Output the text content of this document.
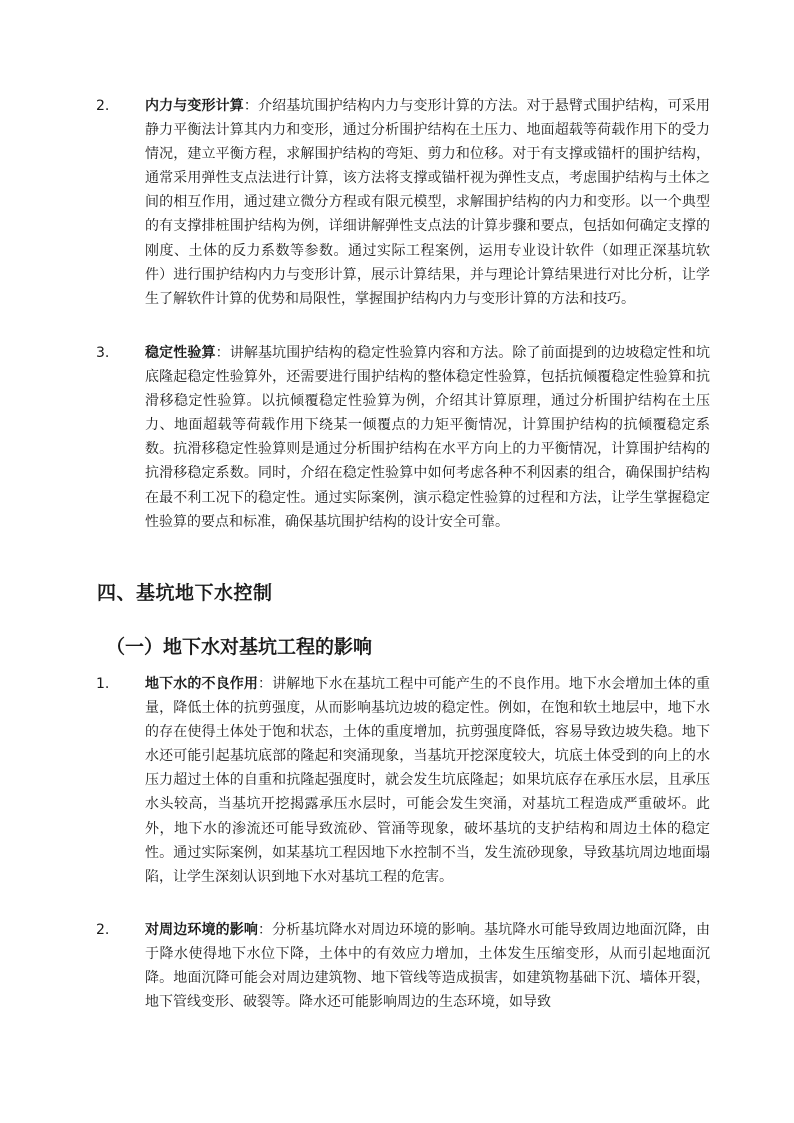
2.	内力与变形计算：介绍基坑围护结构内力与变形计算的方法。对于悬臂式围护结构，可采用静力平衡法计算其内力和变形，通过分析围护结构在土压力、地面超载等荷载作用下的受力情况，建立平衡方程，求解围护结构的弯矩、剪力和位移。对于有支撑或锚杆的围护结构，通常采用弹性支点法进行计算，该方法将支撑或锚杆视为弹性支点，考虑围护结构与土体之间的相互作用，通过建立微分方程或有限元模型，求解围护结构的内力和变形。以一个典型的有支撑排桩围护结构为例，详细讲解弹性支点法的计算步骤和要点，包括如何确定支撑的刚度、土体的反力系数等参数。通过实际工程案例，运用专业设计软件（如理正深基坑软件）进行围护结构内力与变形计算，展示计算结果，并与理论计算结果进行对比分析，让学生了解软件计算的优势和局限性，掌握围护结构内力与变形计算的方法和技巧。
3.	稳定性验算：讲解基坑围护结构的稳定性验算内容和方法。除了前面提到的边坡稳定性和坑底隆起稳定性验算外，还需要进行围护结构的整体稳定性验算，包括抗倾覆稳定性验算和抗滑移稳定性验算。以抗倾覆稳定性验算为例，介绍其计算原理，通过分析围护结构在土压力、地面超载等荷载作用下绕某一倾覆点的力矩平衡情况，计算围护结构的抗倾覆稳定系数。抗滑移稳定性验算则是通过分析围护结构在水平方向上的力平衡情况，计算围护结构的抗滑移稳定系数。同时，介绍在稳定性验算中如何考虑各种不利因素的组合，确保围护结构在最不利工况下的稳定性。通过实际案例，演示稳定性验算的过程和方法，让学生掌握稳定性验算的要点和标准，确保基坑围护结构的设计安全可靠。
四、基坑地下水控制
（一）地下水对基坑工程的影响
1.	地下水的不良作用：讲解地下水在基坑工程中可能产生的不良作用。地下水会增加土体的重量，降低土体的抗剪强度，从而影响基坑边坡的稳定性。例如，在饱和软土地层中，地下水的存在使得土体处于饱和状态，土体的重度增加，抗剪强度降低，容易导致边坡失稳。地下水还可能引起基坑底部的隆起和突涌现象，当基坑开挖深度较大，坑底土体受到的向上的水压力超过土体的自重和抗隆起强度时，就会发生坑底隆起；如果坑底存在承压水层，且承压水头较高，当基坑开挖揭露承压水层时，可能会发生突涌，对基坑工程造成严重破坏。此外，地下水的渗流还可能导致流砂、管涌等现象，破坏基坑的支护结构和周边土体的稳定性。通过实际案例，如某基坑工程因地下水控制不当，发生流砂现象，导致基坑周边地面塌陷，让学生深刻认识到地下水对基坑工程的危害。
2.	对周边环境的影响：分析基坑降水对周边环境的影响。基坑降水可能导致周边地面沉降，由于降水使得地下水位下降，土体中的有效应力增加，土体发生压缩变形，从而引起地面沉降。地面沉降可能会对周边建筑物、地下管线等造成损害，如建筑物基础下沉、墙体开裂，地下管线变形、破裂等。降水还可能影响周边的生态环境，如导致
